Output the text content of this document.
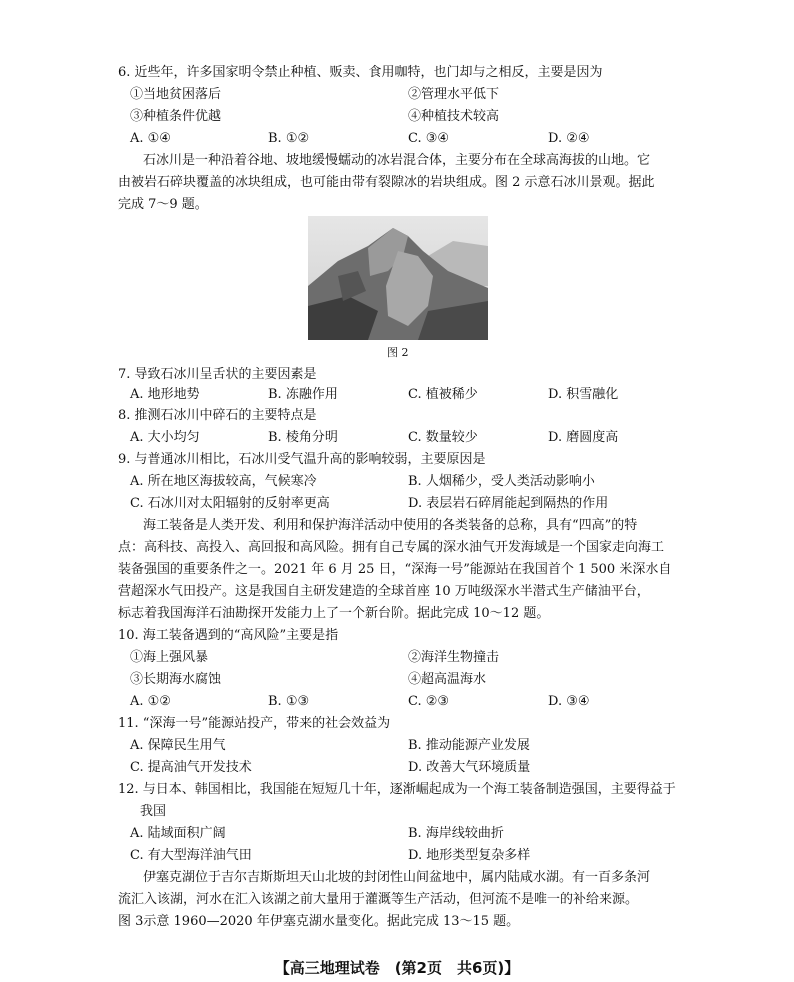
6. 近些年，许多国家明令禁止种植、贩卖、食用咖特，也门却与之相反，主要是因为
①当地贫困落后	②管理水平低下
③种植条件优越	④种植技术较高
A. ①④	B. ①②	C. ③④	D. ②④
石冰川是一种沿着谷地、坡地缓慢蠕动的冰岩混合体，主要分布在全球高海拔的山地。它
由被岩石碎块覆盖的冰块组成，也可能由带有裂隙冰的岩块组成。图 2 示意石冰川景观。据此
完成 7～9 题。
图 2
7. 导致石冰川呈舌状的主要因素是
A. 地形地势	B. 冻融作用	C. 植被稀少	D. 积雪融化
8. 推测石冰川中碎石的主要特点是
A. 大小均匀	B. 棱角分明	C. 数量较少	D. 磨圆度高
9. 与普通冰川相比，石冰川受气温升高的影响较弱，主要原因是
A. 所在地区海拔较高，气候寒冷	B. 人烟稀少，受人类活动影响小
C. 石冰川对太阳辐射的反射率更高	D. 表层岩石碎屑能起到隔热的作用
海工装备是人类开发、利用和保护海洋活动中使用的各类装备的总称，具有“四高”的特
点：高科技、高投入、高回报和高风险。拥有自己专属的深水油气开发海域是一个国家走向海工
装备强国的重要条件之一。2021 年 6 月 25 日，“深海一号”能源站在我国首个 1 500 米深水自
营超深水气田投产。这是我国自主研发建造的全球首座 10 万吨级深水半潜式生产储油平台，
标志着我国海洋石油勘探开发能力上了一个新台阶。据此完成 10～12 题。
10. 海工装备遇到的“高风险”主要是指
①海上强风暴	②海洋生物撞击
③长期海水腐蚀	④超高温海水
A. ①②	B. ①③	C. ②③	D. ③④
11. “深海一号”能源站投产，带来的社会效益为
A. 保障民生用气	B. 推动能源产业发展
C. 提高油气开发技术	D. 改善大气环境质量
12. 与日本、韩国相比，我国能在短短几十年，逐渐崛起成为一个海工装备制造强国，主要得益于
我国
A. 陆域面积广阔	B. 海岸线较曲折
C. 有大型海洋油气田	D. 地形类型复杂多样
伊塞克湖位于吉尔吉斯斯坦天山北坡的封闭性山间盆地中，属内陆咸水湖。有一百多条河
流汇入该湖，河水在汇入该湖之前大量用于灌溉等生产活动，但河流不是唯一的补给来源。
图 3示意 1960—2020 年伊塞克湖水量变化。据此完成 13～15 题。
【高三地理试卷　(第2页　共6页)】
